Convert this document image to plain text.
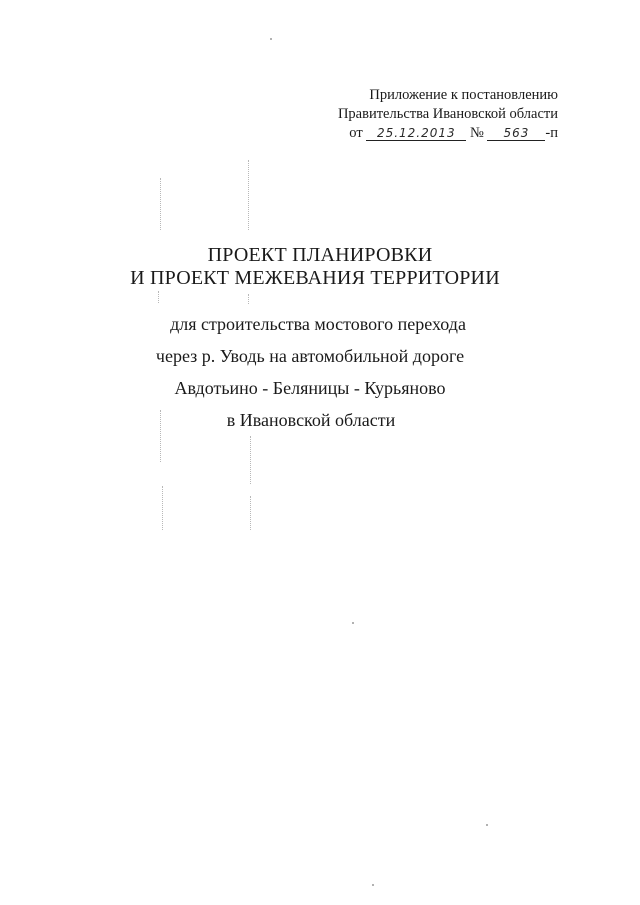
Приложение к постановлению
Правительства Ивановской области
от 25.12.2013 № 563 -п
ПРОЕКТ ПЛАНИРОВКИ
И ПРОЕКТ МЕЖЕВАНИЯ ТЕРРИТОРИИ
для строительства мостового перехода
через р. Уводь на автомобильной дороге
Авдотьино - Беляницы - Курьяново
в Ивановской области
